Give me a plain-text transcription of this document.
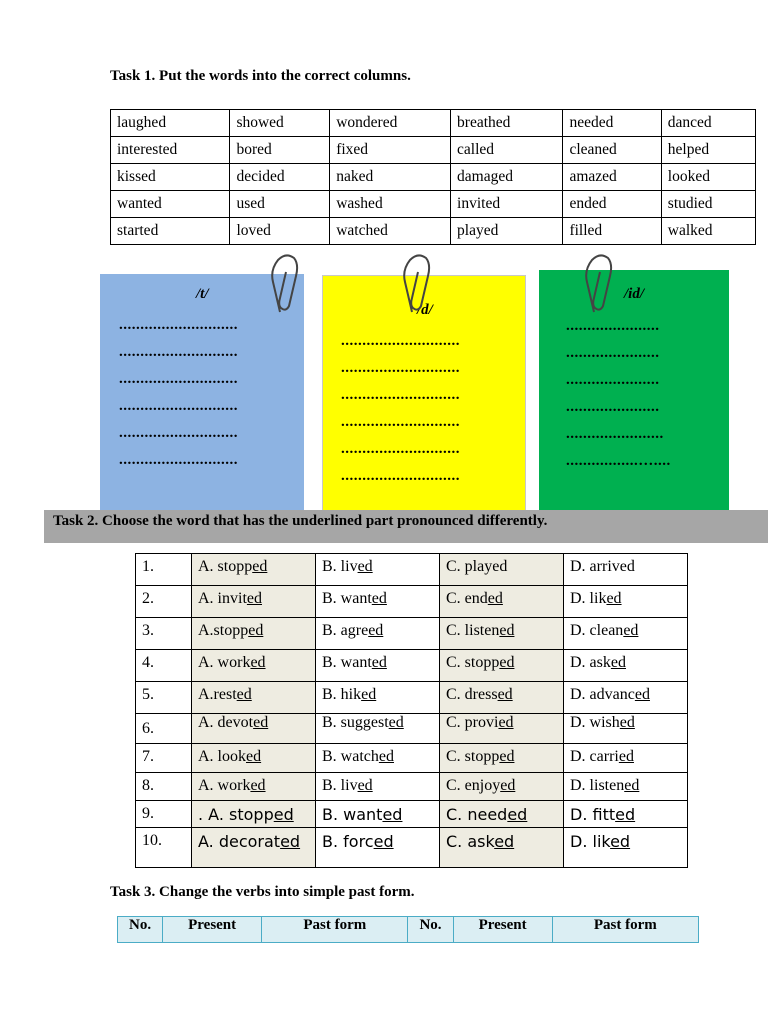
Task 1. Put the words into the correct columns.
laughed	showed	wondered	breathed	needed	danced
interested	bored	fixed	called	cleaned	helped
kissed	decided	naked	damaged	amazed	looked
wanted	used	washed	invited	ended	studied
started	loved	watched	played	filled	walked
/t/
............................
............................
............................
............................
............................
............................
/d/
............................
............................
............................
............................
............................
............................
/id/
......................
......................
......................
......................
.......................
.................…....
Task 2. Choose the word that has the underlined part pronounced differently.
1.	A. stopped	B. lived	C. played	D. arrived
2.	A. invited	B. wanted	C. ended	D. liked
3.	A.stopped	B. agreed	C. listened	D. cleaned
4.	A. worked	B. wanted	C. stopped	D. asked
5.	A.rested	B. hiked	C. dressed	D. advanced
6.	A. devoted	B. suggested	C. provied	D. wished
7.	A. looked	B. watched	C. stopped	D. carried
8.	A. worked	B. lived	C. enjoyed	D. listened
9.	. A. stopped	B. wanted	C. needed	D. fitted
10.	A. decorated	B. forced	C. asked	D. liked
Task 3. Change the verbs into simple past form.
No.	Present	Past form	No.	Present	Past form
